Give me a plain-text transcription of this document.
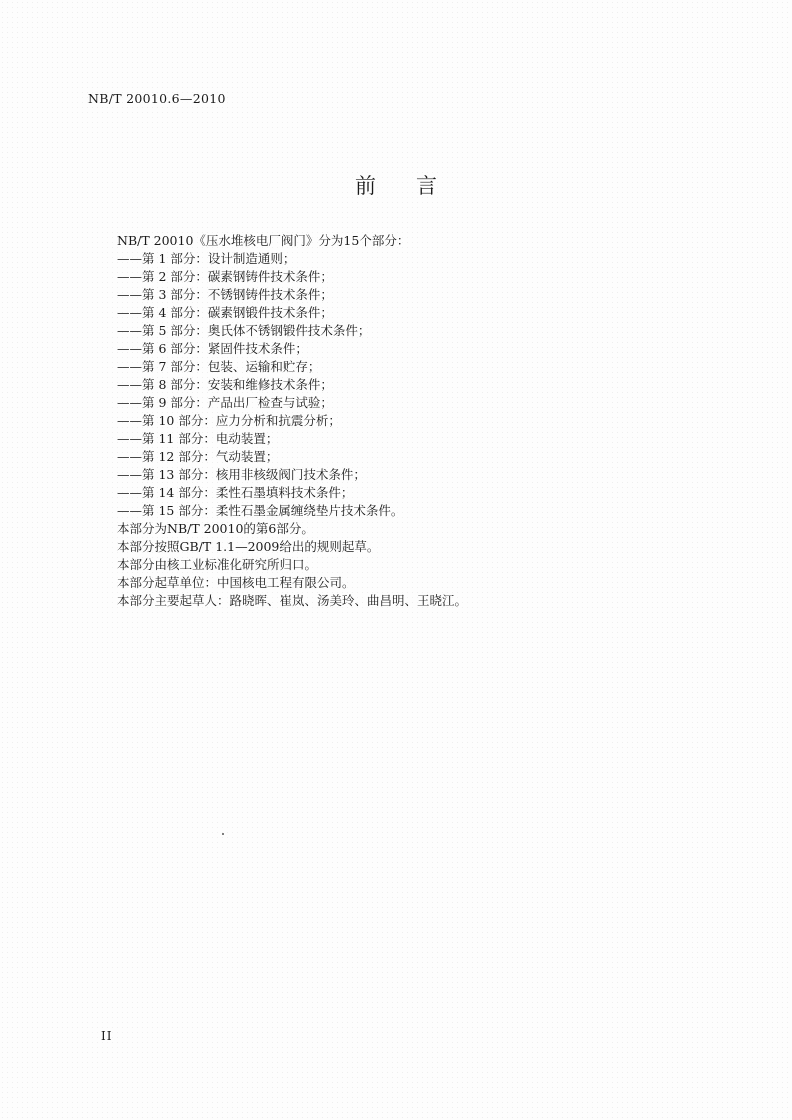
NB/T 20010.6—2010
前言
NB/T 20010《压水堆核电厂阀门》分为15个部分：
——第 1 部分：设计制造通则；
——第 2 部分：碳素钢铸件技术条件；
——第 3 部分：不锈钢铸件技术条件；
——第 4 部分：碳素钢锻件技术条件；
——第 5 部分：奥氏体不锈钢锻件技术条件；
——第 6 部分：紧固件技术条件；
——第 7 部分：包装、运输和贮存；
——第 8 部分：安装和维修技术条件；
——第 9 部分：产品出厂检查与试验；
——第 10 部分：应力分析和抗震分析；
——第 11 部分：电动装置；
——第 12 部分：气动装置；
——第 13 部分：核用非核级阀门技术条件；
——第 14 部分：柔性石墨填料技术条件；
——第 15 部分：柔性石墨金属缠绕垫片技术条件。
本部分为NB/T 20010的第6部分。
本部分按照GB/T 1.1—2009给出的规则起草。
本部分由核工业标准化研究所归口。
本部分起草单位：中国核电工程有限公司。
本部分主要起草人：路晓晖、崔岚、汤美玲、曲昌明、王晓江。
II
